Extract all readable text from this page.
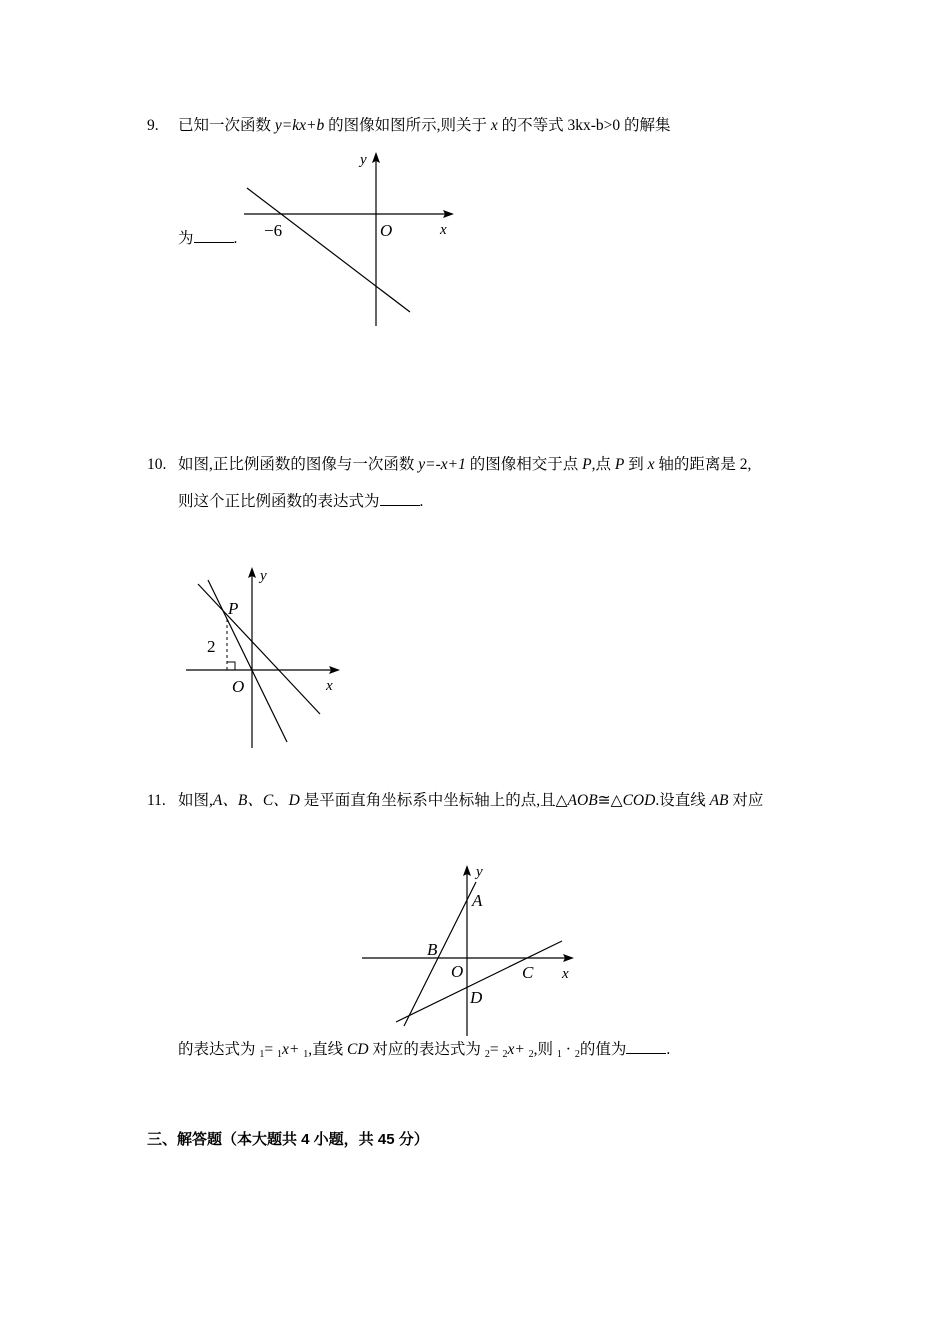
9. 已知一次函数 y=kx+b 的图像如图所示,则关于 x 的不等式 3kx-b>0 的解集
为	.
y
x
O
−6
10. 如图,正比例函数的图像与一次函数 y=-x+1 的图像相交于点 P,点 P 到 x 轴的距离是 2,
则这个正比例函数的表达式为	.
y
x
O
P
2
11. 如图,A、B、C、D 是平面直角坐标系中坐标轴上的点,且△AOB≅△COD.设直线 AB 对应
y
x
O
A
B
C
D
的表达式为 $_1$= $_1$x+ $_1$,直线 CD 对应的表达式为 $_2$= $_2$x+ $_2$,则 $_1$ · $_2$的值为	.
三、解答题（本大题共 4 小题，共 45 分）
